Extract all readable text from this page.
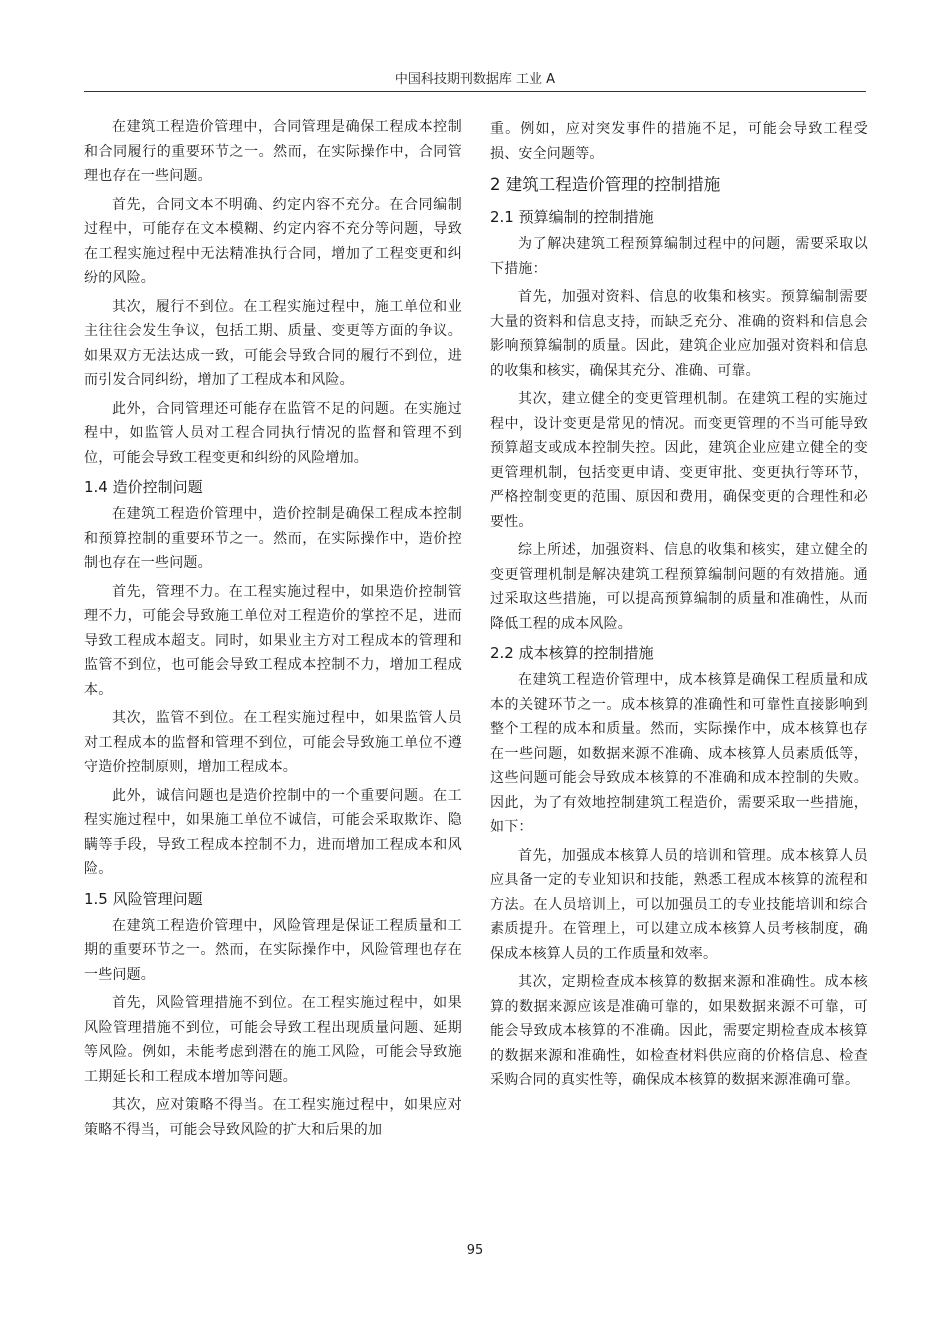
中国科技期刊数据库 工业 A

在建筑工程造价管理中，合同管理是确保工程成本控制和合同履行的重要环节之一。然而，在实际操作中，合同管理也存在一些问题。

首先，合同文本不明确、约定内容不充分。在合同编制过程中，可能存在文本模糊、约定内容不充分等问题，导致在工程实施过程中无法精准执行合同，增加了工程变更和纠纷的风险。

其次，履行不到位。在工程实施过程中，施工单位和业主往往会发生争议，包括工期、质量、变更等方面的争议。如果双方无法达成一致，可能会导致合同的履行不到位，进而引发合同纠纷，增加了工程成本和风险。

此外，合同管理还可能存在监管不足的问题。在实施过程中，如监管人员对工程合同执行情况的监督和管理不到位，可能会导致工程变更和纠纷的风险增加。

1.4 造价控制问题

在建筑工程造价管理中，造价控制是确保工程成本控制和预算控制的重要环节之一。然而，在实际操作中，造价控制也存在一些问题。

首先，管理不力。在工程实施过程中，如果造价控制管理不力，可能会导致施工单位对工程造价的掌控不足，进而导致工程成本超支。同时，如果业主方对工程成本的管理和监管不到位，也可能会导致工程成本控制不力，增加工程成本。

其次，监管不到位。在工程实施过程中，如果监管人员对工程成本的监督和管理不到位，可能会导致施工单位不遵守造价控制原则，增加工程成本。

此外，诚信问题也是造价控制中的一个重要问题。在工程实施过程中，如果施工单位不诚信，可能会采取欺诈、隐瞒等手段，导致工程成本控制不力，进而增加工程成本和风险。

1.5 风险管理问题

在建筑工程造价管理中，风险管理是保证工程质量和工期的重要环节之一。然而，在实际操作中，风险管理也存在一些问题。

首先，风险管理措施不到位。在工程实施过程中，如果风险管理措施不到位，可能会导致工程出现质量问题、延期等风险。例如，未能考虑到潜在的施工风险，可能会导致施工期延长和工程成本增加等问题。

其次，应对策略不得当。在工程实施过程中，如果应对策略不得当，可能会导致风险的扩大和后果的加

重。例如，应对突发事件的措施不足，可能会导致工程受损、安全问题等。

2 建筑工程造价管理的控制措施
2.1 预算编制的控制措施

为了解决建筑工程预算编制过程中的问题，需要采取以下措施：

首先，加强对资料、信息的收集和核实。预算编制需要大量的资料和信息支持，而缺乏充分、准确的资料和信息会影响预算编制的质量。因此，建筑企业应加强对资料和信息的收集和核实，确保其充分、准确、可靠。

其次，建立健全的变更管理机制。在建筑工程的实施过程中，设计变更是常见的情况。而变更管理的不当可能导致预算超支或成本控制失控。因此，建筑企业应建立健全的变更管理机制，包括变更申请、变更审批、变更执行等环节，严格控制变更的范围、原因和费用，确保变更的合理性和必要性。

综上所述，加强资料、信息的收集和核实，建立健全的变更管理机制是解决建筑工程预算编制问题的有效措施。通过采取这些措施，可以提高预算编制的质量和准确性，从而降低工程的成本风险。

2.2 成本核算的控制措施

在建筑工程造价管理中，成本核算是确保工程质量和成本的关键环节之一。成本核算的准确性和可靠性直接影响到整个工程的成本和质量。然而，实际操作中，成本核算也存在一些问题，如数据来源不准确、成本核算人员素质低等，这些问题可能会导致成本核算的不准确和成本控制的失败。因此，为了有效地控制建筑工程造价，需要采取一些措施，如下：

首先，加强成本核算人员的培训和管理。成本核算人员应具备一定的专业知识和技能，熟悉工程成本核算的流程和方法。在人员培训上，可以加强员工的专业技能培训和综合素质提升。在管理上，可以建立成本核算人员考核制度，确保成本核算人员的工作质量和效率。

其次，定期检查成本核算的数据来源和准确性。成本核算的数据来源应该是准确可靠的，如果数据来源不可靠，可能会导致成本核算的不准确。因此，需要定期检查成本核算的数据来源和准确性，如检查材料供应商的价格信息、检查采购合同的真实性等，确保成本核算的数据来源准确可靠。

95
